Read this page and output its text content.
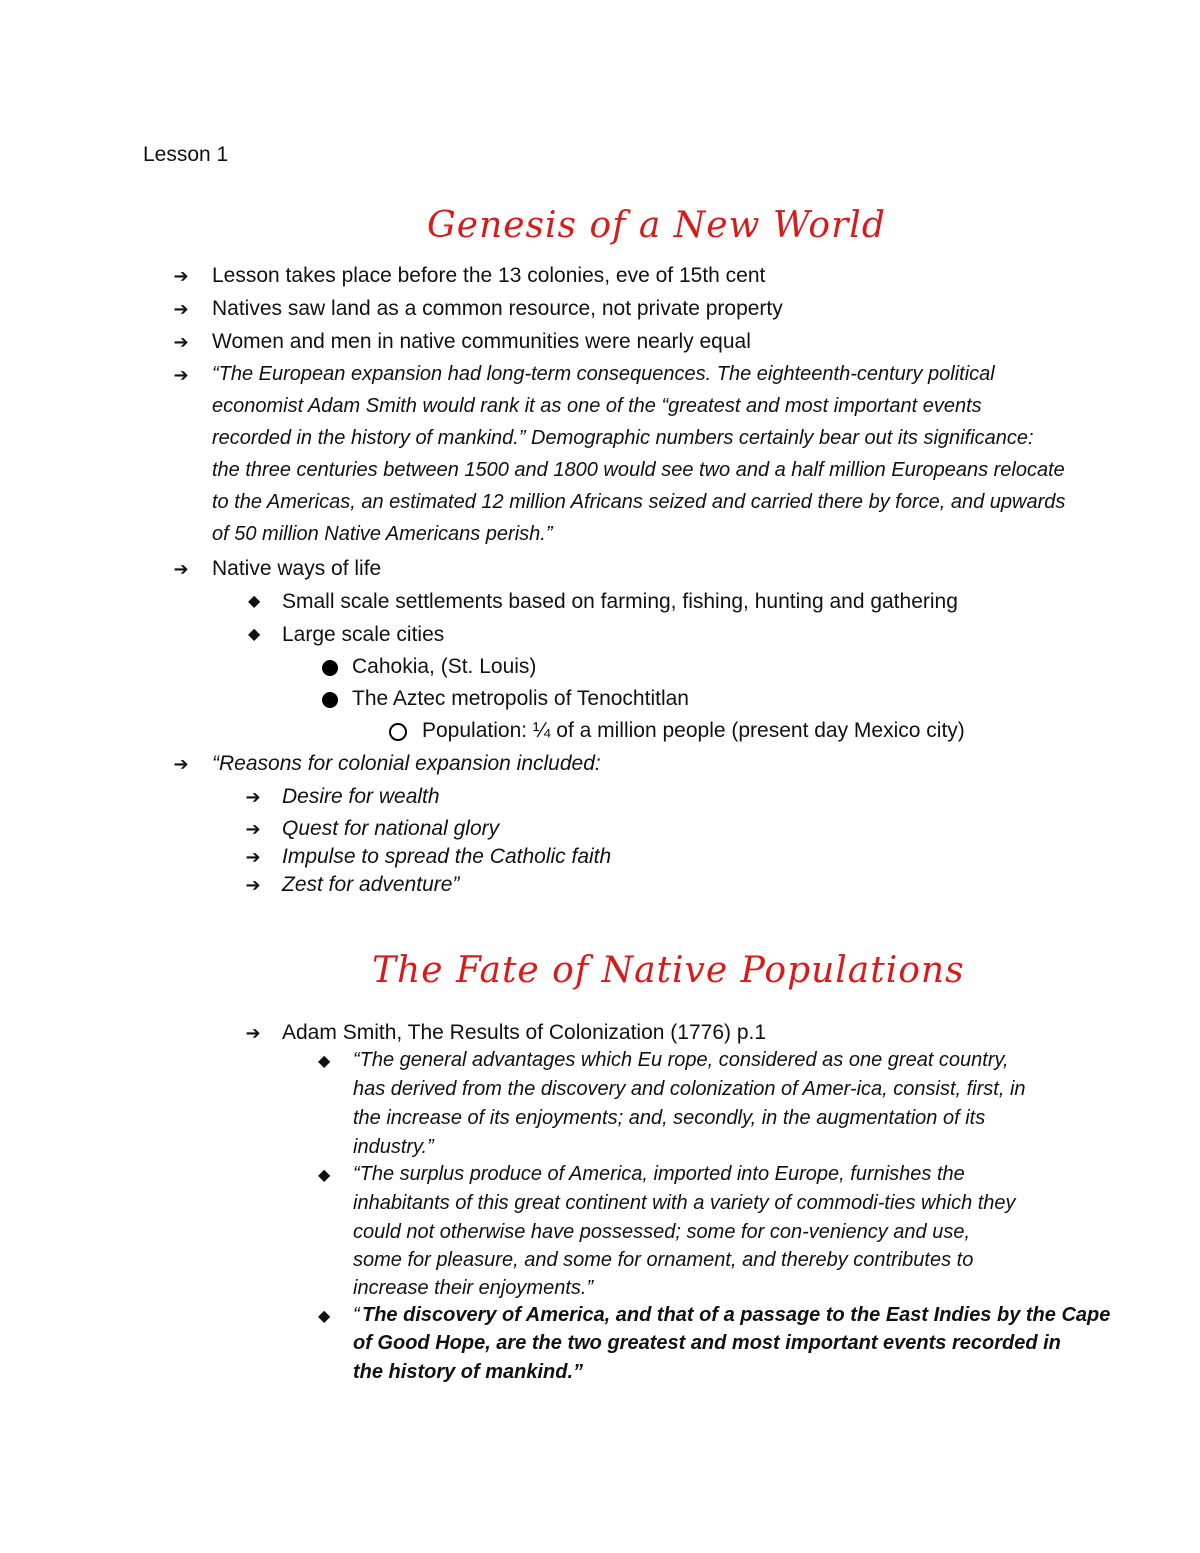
Lesson 1
Genesis of a New World
➔ Lesson takes place before the 13 colonies, eve of 15th cent
➔ Natives saw land as a common resource, not private property
➔ Women and men in native communities were nearly equal
➔ “The European expansion had long-term consequences. The eighteenth-century political
economist Adam Smith would rank it as one of the “greatest and most important events
recorded in the history of mankind.” Demographic numbers certainly bear out its significance:
the three centuries between 1500 and 1800 would see two and a half million Europeans relocate
to the Americas, an estimated 12 million Africans seized and carried there by force, and upwards
of 50 million Native Americans perish.”
➔ Native ways of life
◆ Small scale settlements based on farming, fishing, hunting and gathering
◆ Large scale cities
Cahokia, (St. Louis)
The Aztec metropolis of Tenochtitlan
Population: ¼ of a million people (present day Mexico city)
➔ “Reasons for colonial expansion included:
➔ Desire for wealth
➔ Quest for national glory
➔ Impulse to spread the Catholic faith
➔ Zest for adventure”
The Fate of Native Populations
➔ Adam Smith, The Results of Colonization (1776) p.1
◆ “The general advantages which Eu rope, considered as one great country,
has derived from the discovery and colonization of Amer-ica, consist, first, in
the increase of its enjoyments; and, secondly, in the augmentation of its
industry.”
◆ “The surplus produce of America, imported into Europe, furnishes the
inhabitants of this great continent with a variety of commodi-ties which they
could not otherwise have possessed; some for con-veniency and use,
some for pleasure, and some for ornament, and thereby contributes to
increase their enjoyments.”
◆ “ The discovery of America, and that of a passage to the East Indies by the Cape
of Good Hope, are the two greatest and most important events recorded in
the history of mankind.”
